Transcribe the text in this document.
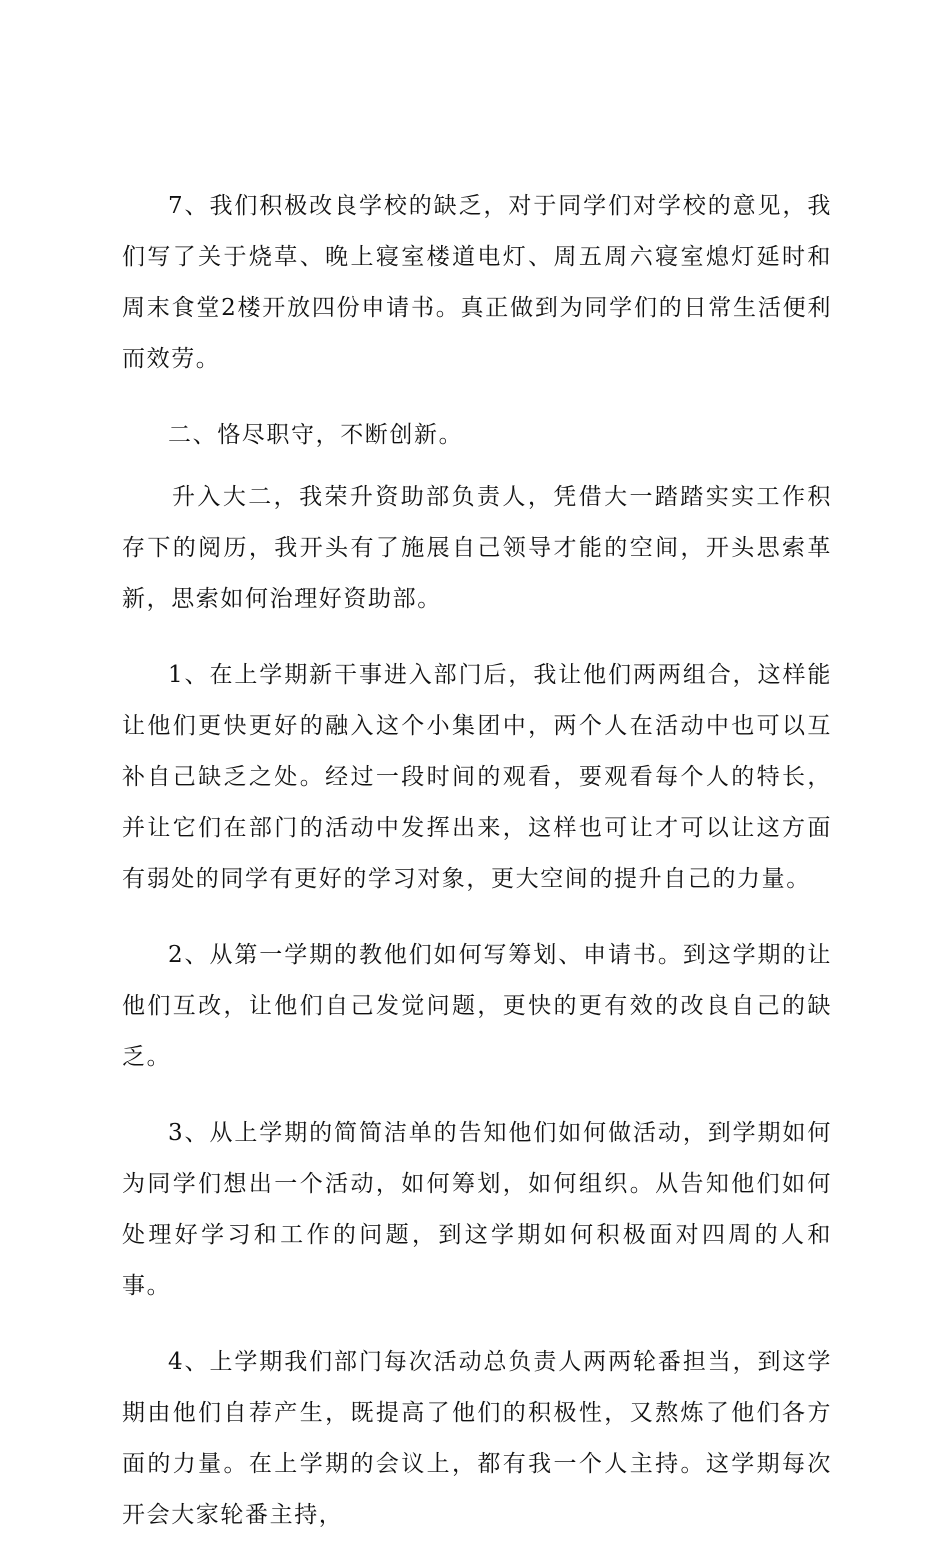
7、我们积极改良学校的缺乏，对于同学们对学校的意见，我们写了关于烧草、晚上寝室楼道电灯、周五周六寝室熄灯延时和周末食堂2楼开放四份申请书。真正做到为同学们的日常生活便利而效劳。

二、恪尽职守，不断创新。

升入大二，我荣升资助部负责人，凭借大一踏踏实实工作积存下的阅历，我开头有了施展自己领导才能的空间，开头思索革新，思索如何治理好资助部。

1、在上学期新干事进入部门后，我让他们两两组合，这样能让他们更快更好的融入这个小集团中，两个人在活动中也可以互补自己缺乏之处。经过一段时间的观看，要观看每个人的特长，并让它们在部门的活动中发挥出来，这样也可让才可以让这方面有弱处的同学有更好的学习对象，更大空间的提升自己的力量。

2、从第一学期的教他们如何写筹划、申请书。到这学期的让他们互改，让他们自己发觉问题，更快的更有效的改良自己的缺乏。

3、从上学期的简简洁单的告知他们如何做活动，到学期如何为同学们想出一个活动，如何筹划，如何组织。从告知他们如何处理好学习和工作的问题，到这学期如何积极面对四周的人和事。

4、上学期我们部门每次活动总负责人两两轮番担当，到这学期由他们自荐产生，既提高了他们的积极性，又熬炼了他们各方面的力量。在上学期的会议上，都有我一个人主持。这学期每次开会大家轮番主持，
